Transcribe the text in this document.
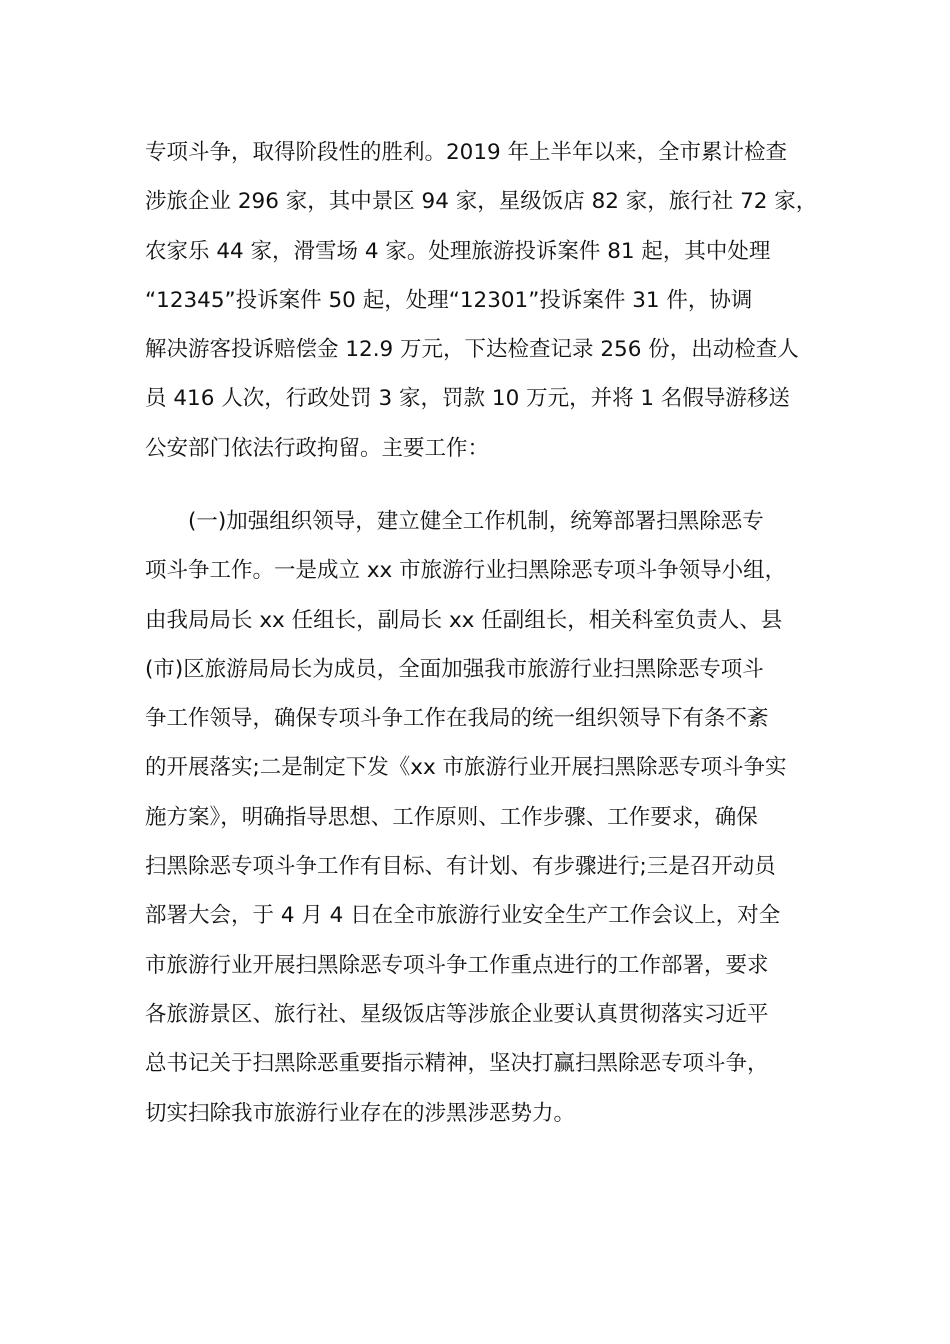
专项斗争，取得阶段性的胜利。2019 年上半年以来，全市累计检查
涉旅企业 296 家，其中景区 94 家，星级饭店 82 家，旅行社 72 家，
农家乐 44 家，滑雪场 4 家。处理旅游投诉案件 81 起，其中处理
“12345”投诉案件 50 起，处理“12301”投诉案件 31 件，协调
解决游客投诉赔偿金 12.9 万元，下达检查记录 256 份，出动检查人
员 416 人次，行政处罚 3 家，罚款 10 万元，并将 1 名假导游移送
公安部门依法行政拘留。主要工作：
　　(一)加强组织领导，建立健全工作机制，统筹部署扫黑除恶专
项斗争工作。一是成立 xx 市旅游行业扫黑除恶专项斗争领导小组，
由我局局长 xx 任组长，副局长 xx 任副组长，相关科室负责人、县
(市)区旅游局局长为成员，全面加强我市旅游行业扫黑除恶专项斗
争工作领导，确保专项斗争工作在我局的统一组织领导下有条不紊
的开展落实;二是制定下发《xx 市旅游行业开展扫黑除恶专项斗争实
施方案》，明确指导思想、工作原则、工作步骤、工作要求，确保
扫黑除恶专项斗争工作有目标、有计划、有步骤进行;三是召开动员
部署大会，于 4 月 4 日在全市旅游行业安全生产工作会议上，对全
市旅游行业开展扫黑除恶专项斗争工作重点进行的工作部署，要求
各旅游景区、旅行社、星级饭店等涉旅企业要认真贯彻落实习近平
总书记关于扫黑除恶重要指示精神，坚决打赢扫黑除恶专项斗争，
切实扫除我市旅游行业存在的涉黑涉恶势力。
